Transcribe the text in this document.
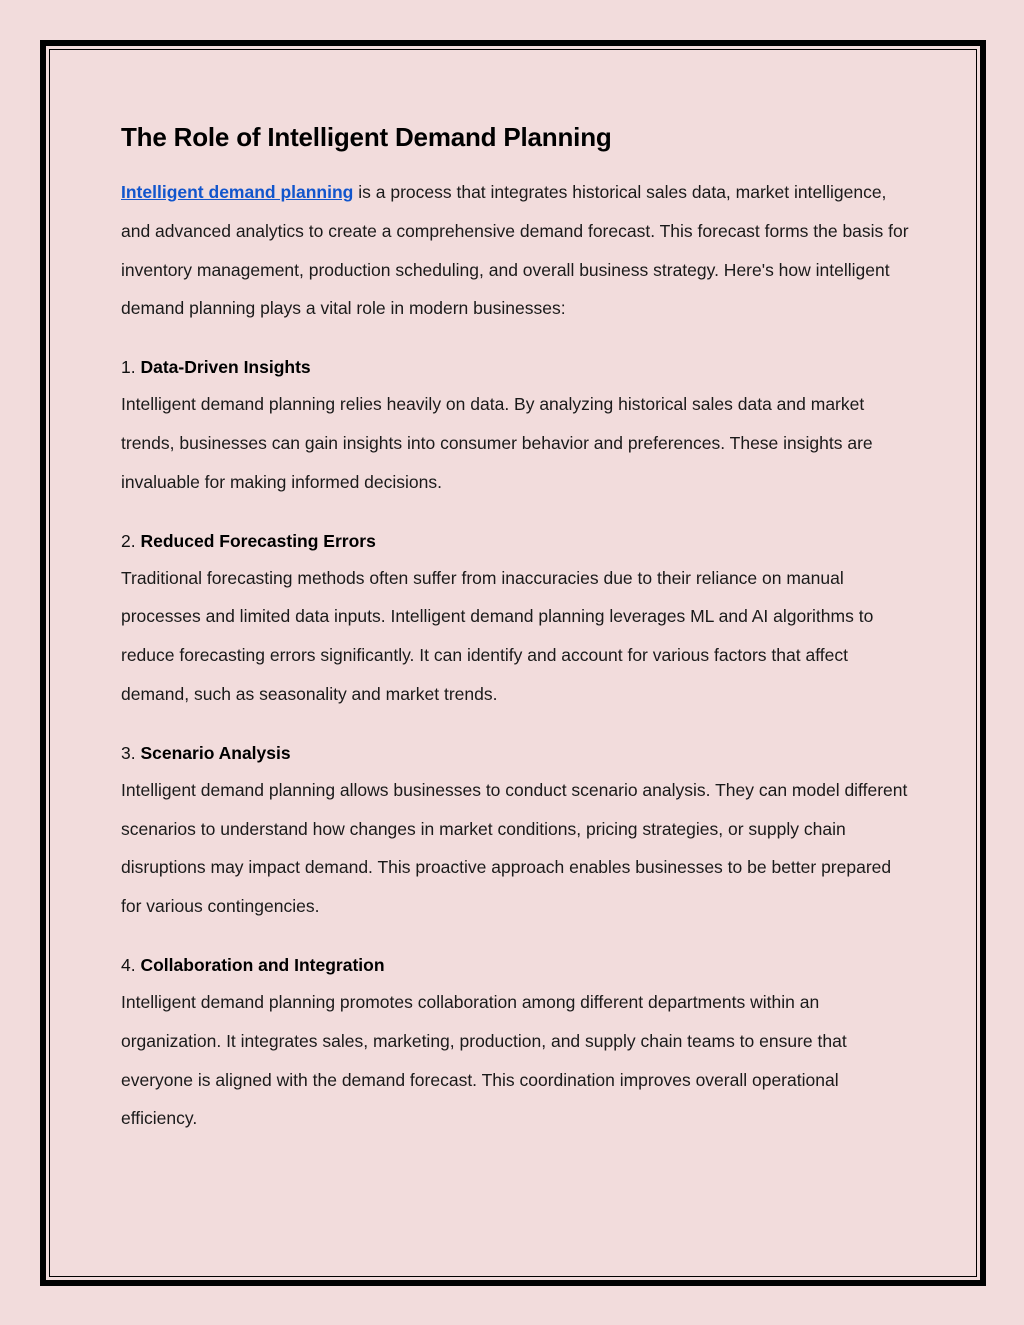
The Role of Intelligent Demand Planning

Intelligent demand planning is a process that integrates historical sales data, market intelligence, and advanced analytics to create a comprehensive demand forecast. This forecast forms the basis for inventory management, production scheduling, and overall business strategy. Here's how intelligent demand planning plays a vital role in modern businesses:

1. Data-Driven Insights

Intelligent demand planning relies heavily on data. By analyzing historical sales data and market trends, businesses can gain insights into consumer behavior and preferences. These insights are invaluable for making informed decisions.

2. Reduced Forecasting Errors

Traditional forecasting methods often suffer from inaccuracies due to their reliance on manual processes and limited data inputs. Intelligent demand planning leverages ML and AI algorithms to reduce forecasting errors significantly. It can identify and account for various factors that affect demand, such as seasonality and market trends.

3. Scenario Analysis

Intelligent demand planning allows businesses to conduct scenario analysis. They can model different scenarios to understand how changes in market conditions, pricing strategies, or supply chain disruptions may impact demand. This proactive approach enables businesses to be better prepared for various contingencies.

4. Collaboration and Integration

Intelligent demand planning promotes collaboration among different departments within an organization. It integrates sales, marketing, production, and supply chain teams to ensure that everyone is aligned with the demand forecast. This coordination improves overall operational efficiency.
